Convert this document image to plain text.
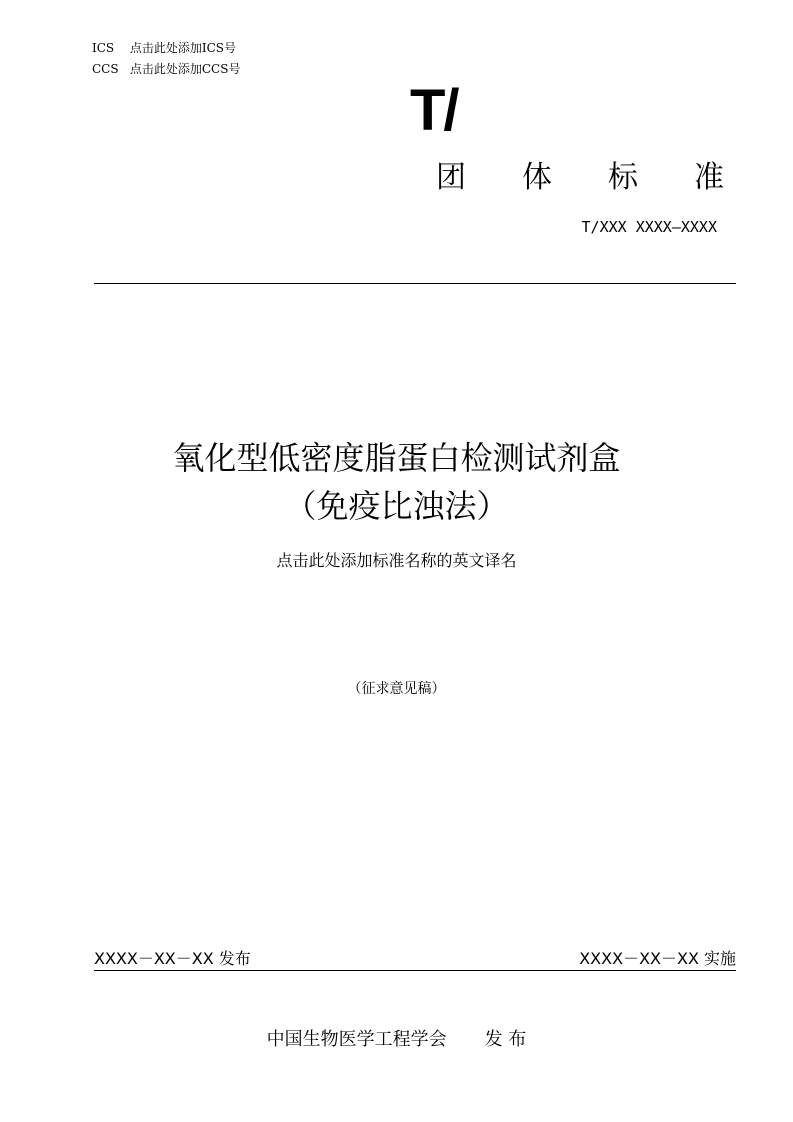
ICS 点击此处添加ICS号
CCS 点击此处添加CCS号
T/
团体标准
T/XXX XXXX—XXXX
氧化型低密度脂蛋白检测试剂盒
（免疫比浊法）
点击此处添加标准名称的英文译名
（征求意见稿）
XXXX－XX－XX 发布	XXXX－XX－XX 实施
中国生物医学工程学会 发 布
